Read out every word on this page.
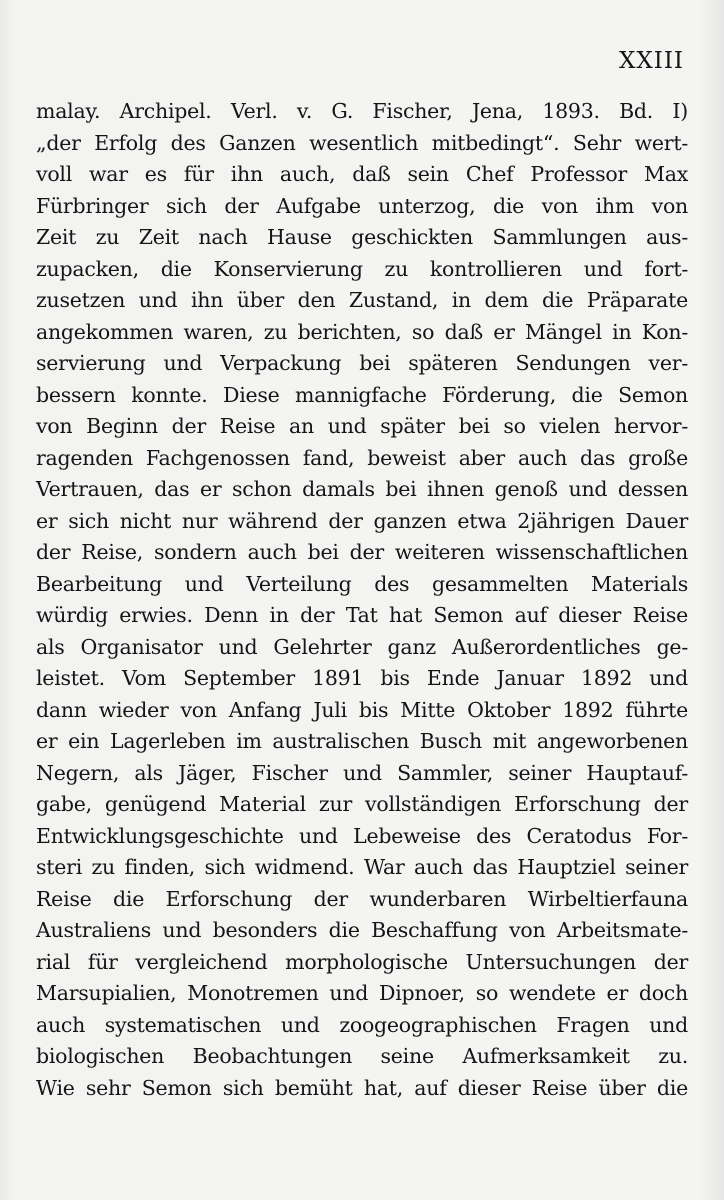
XXIII
malay. Archipel. Verl. v. G. Fischer, Jena, 1893. Bd. I)
„der Erfolg des Ganzen wesentlich mitbedingt“. Sehr wert-
voll war es für ihn auch, daß sein Chef Professor Max
Fürbringer sich der Aufgabe unterzog, die von ihm von
Zeit zu Zeit nach Hause geschickten Sammlungen aus-
zupacken, die Konservierung zu kontrollieren und fort-
zusetzen und ihn über den Zustand, in dem die Präparate
angekommen waren, zu berichten, so daß er Mängel in Kon-
servierung und Verpackung bei späteren Sendungen ver-
bessern konnte. Diese mannigfache Förderung, die Semon
von Beginn der Reise an und später bei so vielen hervor-
ragenden Fachgenossen fand, beweist aber auch das große
Vertrauen, das er schon damals bei ihnen genoß und dessen
er sich nicht nur während der ganzen etwa 2jährigen Dauer
der Reise, sondern auch bei der weiteren wissenschaftlichen
Bearbeitung und Verteilung des gesammelten Materials
würdig erwies. Denn in der Tat hat Semon auf dieser Reise
als Organisator und Gelehrter ganz Außerordentliches ge-
leistet. Vom September 1891 bis Ende Januar 1892 und
dann wieder von Anfang Juli bis Mitte Oktober 1892 führte
er ein Lagerleben im australischen Busch mit angeworbenen
Negern, als Jäger, Fischer und Sammler, seiner Hauptauf-
gabe, genügend Material zur vollständigen Erforschung der
Entwicklungsgeschichte und Lebeweise des Ceratodus For-
steri zu finden, sich widmend. War auch das Hauptziel seiner
Reise die Erforschung der wunderbaren Wirbeltierfauna
Australiens und besonders die Beschaffung von Arbeitsmate-
rial für vergleichend morphologische Untersuchungen der
Marsupialien, Monotremen und Dipnoer, so wendete er doch
auch systematischen und zoogeographischen Fragen und
biologischen Beobachtungen seine Aufmerksamkeit zu.
Wie sehr Semon sich bemüht hat, auf dieser Reise über die
